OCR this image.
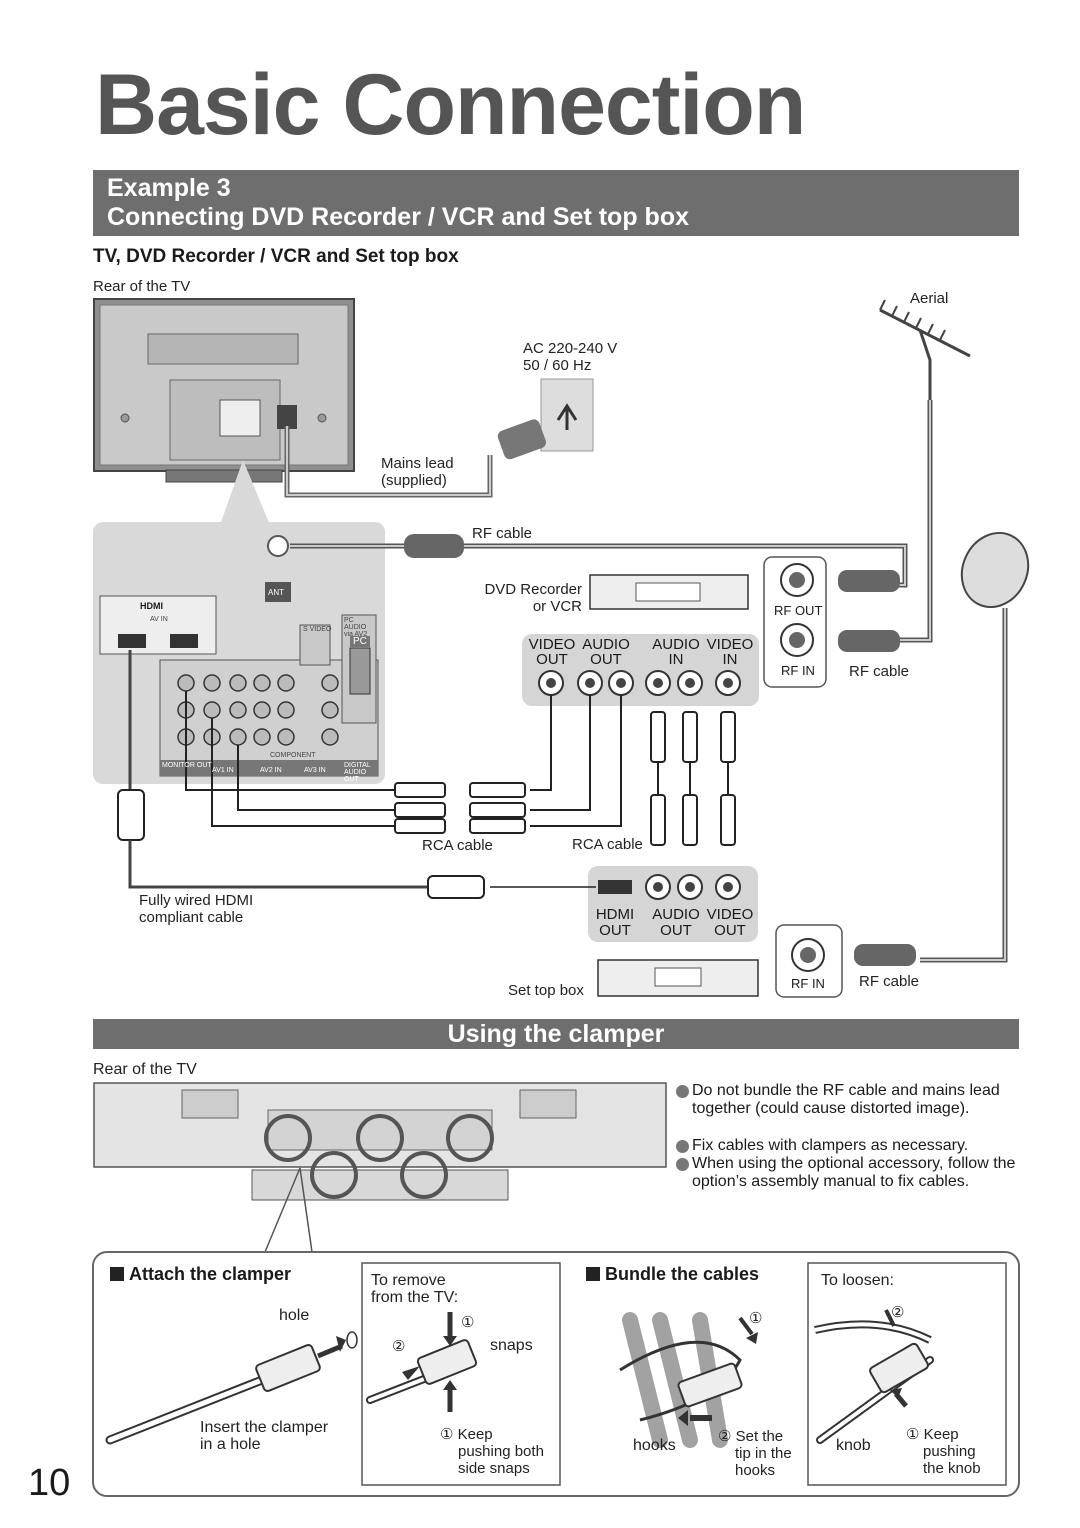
Basic Connection
Example 3
Connecting DVD Recorder / VCR and Set top box
TV, DVD Recorder / VCR and Set top box
Rear of the TV
Aerial
AC 220-240 V
50 / 60 Hz
Mains lead
(supplied)
RF cable
DVD Recorder
or VCR	RF OUT
RF IN RF cable
VIDEO
OUT
AUDIO
OUT
AUDIO
IN
VIDEO
IN
ANT
HDMI
AV IN
PC
PC AUDIO via AV2
S VIDEO
MONITOR OUT
AV1 IN	AV2 IN	AV3 IN
DIGITAL AUDIO OUT
COMPONENT
RCA cable	RCA cable
Fully wired HDMI
compliant cable	HDMI
OUT
AUDIO
OUT
VIDEO
OUT
Set top box	RF IN RF cable
Using the clamper
Rear of the TV
Do not bundle the RF cable and mains lead together (could cause distorted image).
Fix cables with clampers as necessary.
When using the optional accessory, follow the option’s assembly manual to fix cables.
Attach the clamper
hole
Insert the clamper
in a hole
To remove
from the TV:
①
②	snaps
① Keep
pushing both
side snaps
Bundle the cables
①
hooks
② Set the
tip in the
hooks
To loosen:
②
knob
① Keep
pushing
the knob
10
